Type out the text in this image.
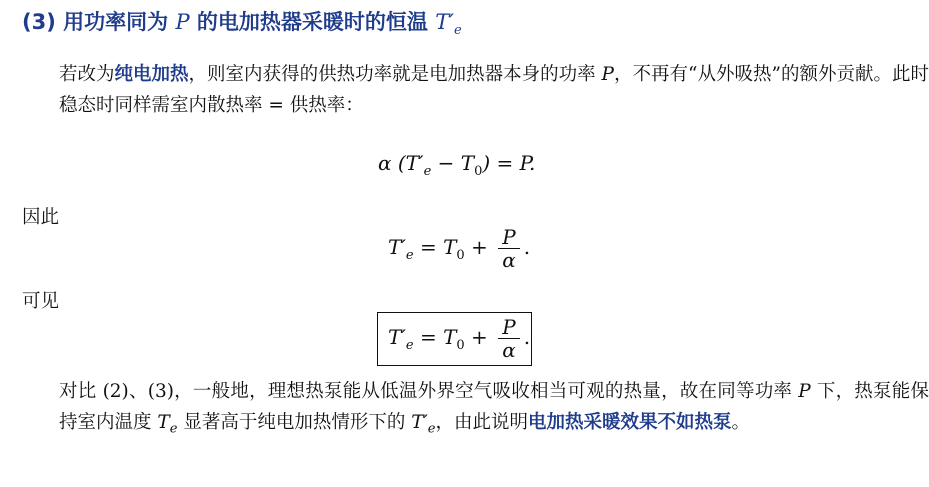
(3) 用功率同为 P 的电加热器采暖时的恒温 $T'_e$
若改为纯电加热，则室内获得的供热功率就是电加热器本身的功率 P，不再有“从外吸热”的额外贡献。此时稳态时同样需室内散热率 = 供热率：
α $(T'_e - T_0) = P$.
因此
$T'_e = T_0 + \frac{P}{\alpha}$ .
可见
$T'_e = T_0 + \frac{P}{\alpha}$ .
对比 (2)、(3)，一般地，理想热泵能从低温外界空气吸收相当可观的热量，故在同等功率 P 下，热泵能保持室内温度 $T_e$ 显著高于纯电加热情形下的 $T'_e$，由此说明电加热采暖效果不如热泵。
